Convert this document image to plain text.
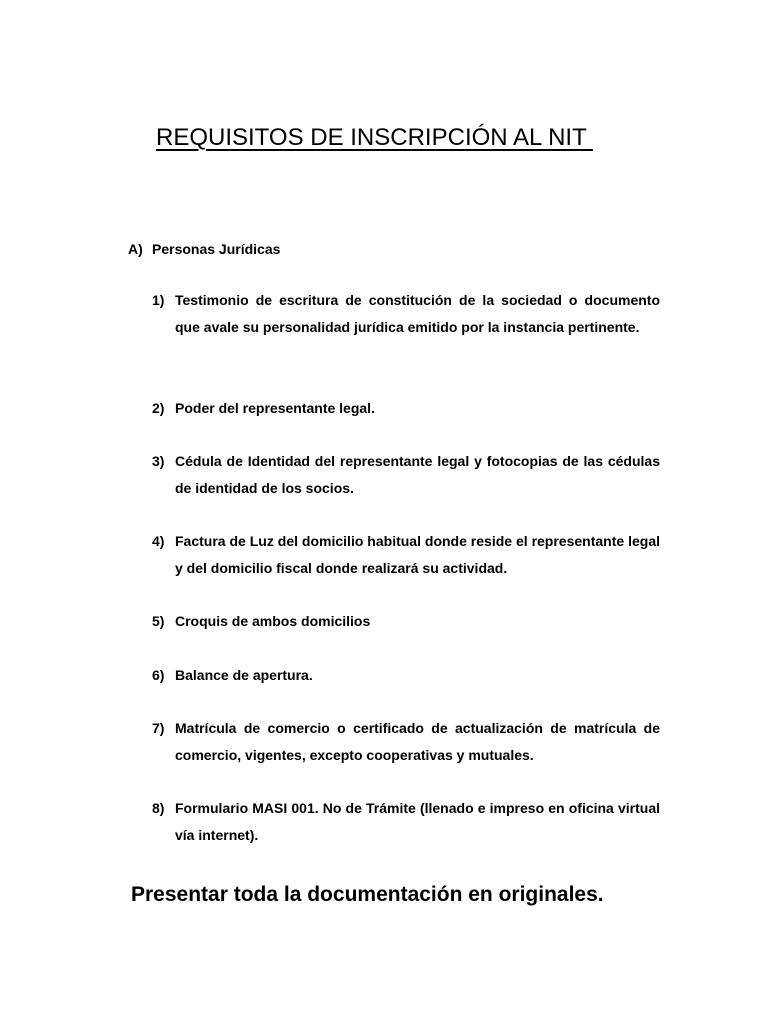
REQUISITOS DE INSCRIPCIÓN AL NIT
A) Personas Jurídicas
1) Testimonio de escritura de constitución de la sociedad o documento que avale su personalidad jurídica emitido por la instancia pertinente.
2) Poder del representante legal.
3) Cédula de Identidad del representante legal y fotocopias de las cédulas de identidad de los socios.
4) Factura de Luz del domicilio habitual donde reside el representante legal y del domicilio fiscal donde realizará su actividad.
5) Croquis de ambos domicilios
6) Balance de apertura.
7) Matrícula de comercio o certificado de actualización de matrícula de comercio, vigentes, excepto cooperativas y mutuales.
8) Formulario MASI 001. No de Trámite (llenado e impreso en oficina virtual vía internet).

Presentar toda la documentación en originales.
